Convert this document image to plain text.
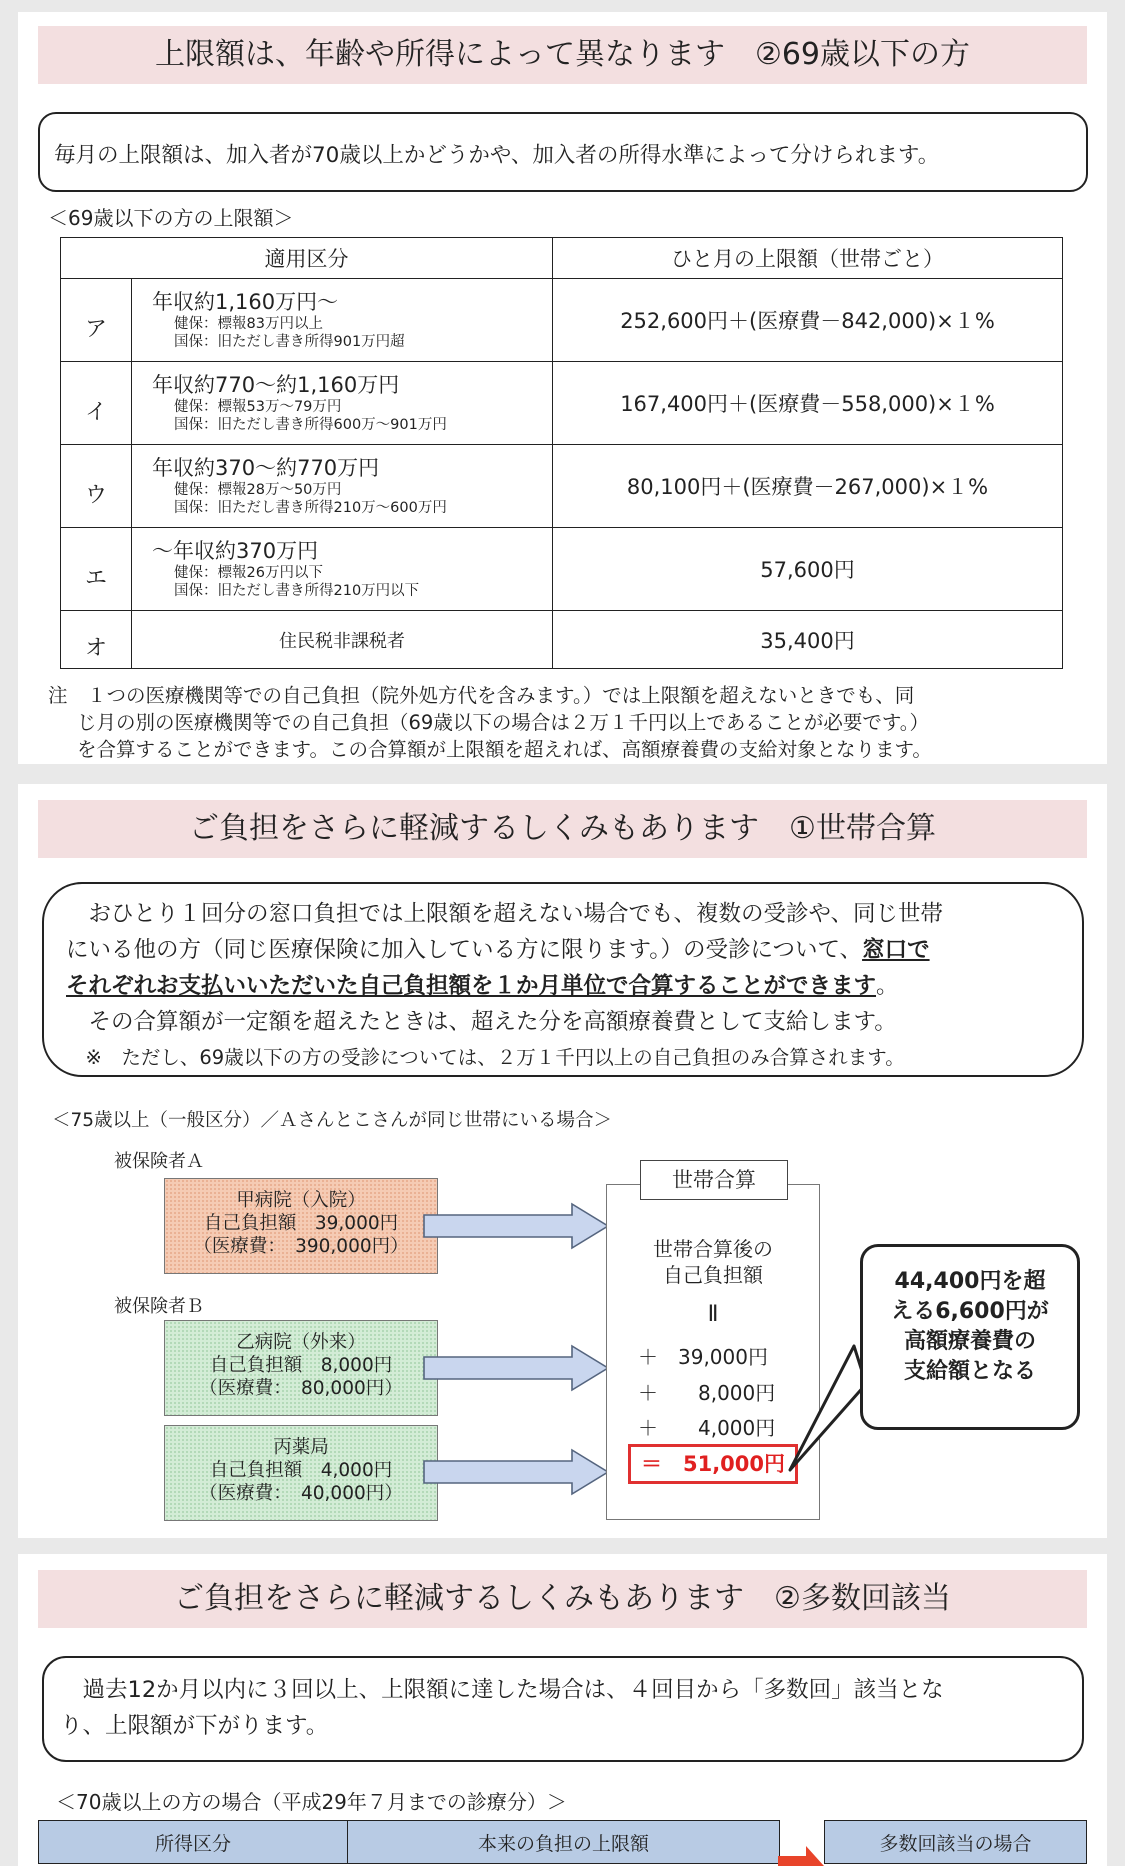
上限額は、年齢や所得によって異なります　②69歳以下の方
毎月の上限額は、加入者が70歳以上かどうかや、加入者の所得水準によって分けられます。
＜69歳以下の方の上限額＞
適用区分		ひと月の上限額（世帯ごと）
ア	年収約1,160万円～
健保：標報83万円以上
国保：旧ただし書き所得901万円超	252,600円＋(医療費－842,000)×１%
イ	年収約770～約1,160万円
健保：標報53万～79万円
国保：旧ただし書き所得600万～901万円	167,400円＋(医療費－558,000)×１%
ウ	年収約370～約770万円
健保：標報28万～50万円
国保：旧ただし書き所得210万～600万円	80,100円＋(医療費－267,000)×１%
エ	～年収約370万円
健保：標報26万円以下
国保：旧ただし書き所得210万円以下	57,600円
オ	住民税非課税者	35,400円
注　１つの医療機関等での自己負担（院外処方代を含みます。）では上限額を超えないときでも、同
じ月の別の医療機関等での自己負担（69歳以下の場合は２万１千円以上であることが必要です。）
を合算することができます。この合算額が上限額を超えれば、高額療養費の支給対象となります。
ご負担をさらに軽減するしくみもあります　①世帯合算
　おひとり１回分の窓口負担では上限額を超えない場合でも、複数の受診や、同じ世帯
にいる他の方（同じ医療保険に加入している方に限ります。）の受診について、窓口で
それぞれお支払いいただいた自己負担額を１か月単位で合算することができます。
　その合算額が一定額を超えたときは、超えた分を高額療養費として支給します。
　※　ただし、69歳以下の方の受診については、２万１千円以上の自己負担のみ合算されます。
＜75歳以上（一般区分）／Ａさんとこさんが同じ世帯にいる場合＞
被保険者Ａ
甲病院（入院）
自己負担額　39,000円
（医療費：　390,000円）
被保険者Ｂ
乙病院（外来）
自己負担額　8,000円
（医療費：　80,000円）
丙薬局
自己負担額　4,000円
（医療費：　40,000円）
世帯合算
世帯合算後の
自己負担額
Ⅱ
＋　39,000円
＋　　8,000円
＋　　4,000円
＝　51,000円
44,400円を超
える6,600円が
高額療養費の
支給額となる
ご負担をさらに軽減するしくみもあります　②多数回該当
　過去12か月以内に３回以上、上限額に達した場合は、４回目から「多数回」該当とな
り、上限額が下がります。
＜70歳以上の方の場合（平成29年７月までの診療分）＞
所得区分	本来の負担の上限額	多数回該当の場合
